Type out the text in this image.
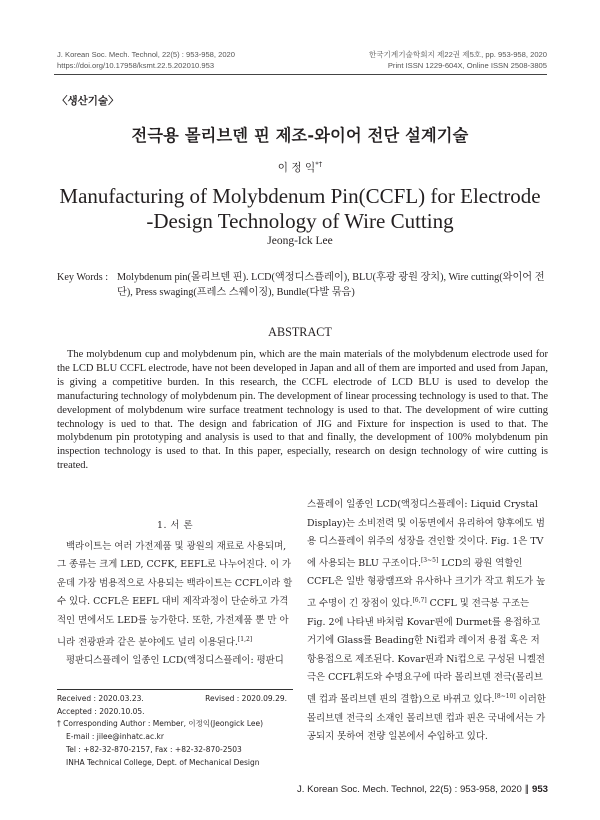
J. Korean Soc. Mech. Technol, 22(5) : 953-958, 2020
https://doi.org/10.17958/ksmt.22.5.202010.953
한국기계기술학회지 제22권 제5호, pp. 953-958, 2020
Print ISSN 1229-604X, Online ISSN 2508-3805
〈생산기술〉
전극용 몰리브덴 핀 제조-와이어 전단 설계기술
이 정 익*†
Manufacturing of Molybdenum Pin(CCFL) for Electrode
-Design Technology of Wire Cutting
Jeong-Ick Lee
Key Words : Molybdenum pin(몰리브덴 핀). LCD(액정디스플레이), BLU(후광 광원 장치), Wire cutting(와이어 전단), Press swaging(프레스 스웨이징), Bundle(다발 묶음)
ABSTRACT
The molybdenum cup and molybdenum pin, which are the main materials of the molybdenum electrode used for the LCD BLU CCFL electrode, have not been developed in Japan and all of them are imported and used from Japan, is giving a competitive burden. In this research, the CCFL electrode of LCD BLU is used to develop the manufacturing technology of molybdenum pin. The development of linear processing technology is used to that. The development of molybdenum wire surface treatment technology is used to that. The development of wire cutting technology is ued to that. The design and fabrication of JIG and Fixture for inspection is used to that. The molybdenum pin prototyping and analysis is used to that and finally, the development of 100% molybdenum pin inspection technology is used to that. In this paper, especially, research on design technology of wire cutting is treated.

1. 서 론

백라이트는 여러 가전제품 및 광원의 재료로 사용되며, 그 종류는 크게 LED, CCFK, EEFL로 나누어진다. 이 가운데 가장 범용적으로 사용되는 백라이트는 CCFL이라 할 수 있다. CCFL은 EEFL 대비 제작과정이 단순하고 가격적인 면에서도 LED를 능가한다. 또한, 가전제품 뿐 만 아니라 전광판과 같은 분야에도 널리 이용된다.[1,2]

평판디스플레이 일종인 LCD(액정디스플레이: 평판디

Received : 2020.03.23.	Revised : 2020.09.29.
Accepted : 2020.10.05.
† Corresponding Author : Member, 이정익(Jeongick Lee)
E-mail : jilee@inhatc.ac.kr
Tel : +82-32-870-2157, Fax : +82-32-870-2503
INHA Technical College, Dept. of Mechanical Design

스플레이 일종인 LCD(액정디스플레이: Liquid Crystal Display)는 소비전력 및 이동면에서 유리하여 향후에도 범용 디스플레이 위주의 성장을 견인할 것이다. Fig. 1은 TV에 사용되는 BLU 구조이다.[3~5] LCD의 광원 역할인 CCFL은 일반 형광램프와 유사하나 크기가 작고 휘도가 높고 수명이 긴 장점이 있다.[6,7] CCFL 및 전극봉 구조는 Fig. 2에 나타낸 바처럼 Kovar핀에 Durmet를 용접하고 거기에 Glass를 Beading한 Ni컵과 레이저 용접 혹은 저항용접으로 제조된다. Kovar핀과 Ni컵으로 구성된 니켈전극은 CCFL휘도와 수명요구에 따라 몰리브덴 전극(몰리브덴 컵과 몰리브덴 핀의 결합)으로 바뀌고 있다.[8~10] 이러한 몰리브덴 전극의 소재인 몰리브덴 컵과 핀은 국내에서는 가공되지 못하여 전량 일본에서 수입하고 있다.

J. Korean Soc. Mech. Technol, 22(5) : 953-958, 2020 ∥ 953
